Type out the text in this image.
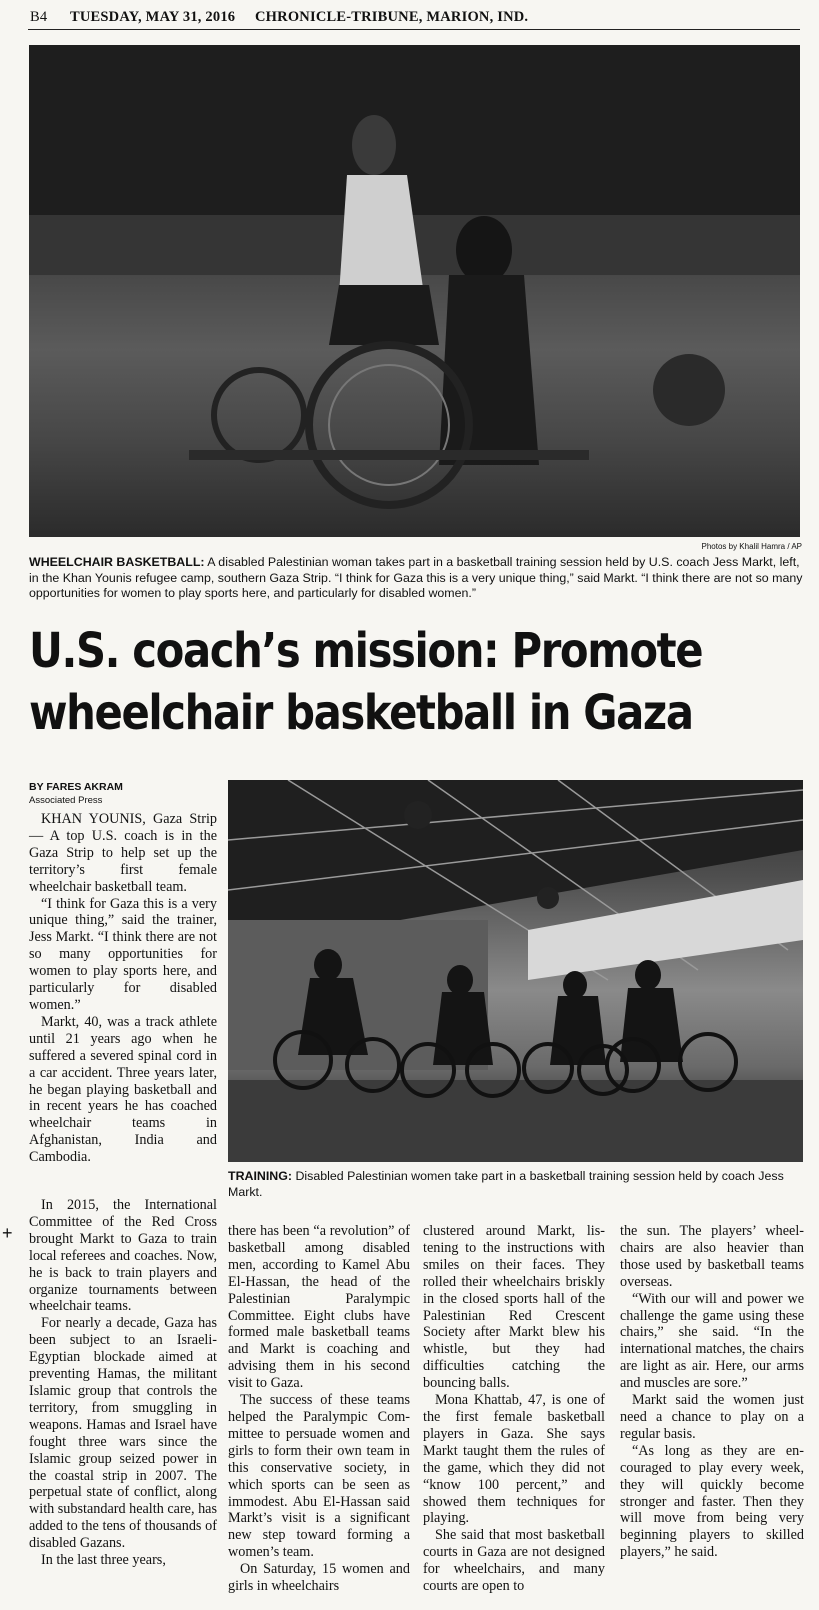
B4 TUESDAY, MAY 31, 2016 CHRONICLE-TRIBUNE, MARION, IND.
Photos by Khalil Hamra / AP
WHEELCHAIR BASKETBALL: A disabled Palestinian woman takes part in a basketball training session held by U.S. coach Jess Markt, left, in the Khan Younis refugee camp, southern Gaza Strip. “I think for Gaza this is a very unique thing,” said Markt. “I think there are not so many opportunities for women to play sports here, and particularly for disabled women.”
U.S. coach’s mission: Promote
wheelchair basketball in Gaza
BY FARES AKRAM
Associated Press
TRAINING: Disabled Palestinian women take part in a basketball training session held by coach Jess Markt.

KHAN YOUNIS, Gaza Strip — A top U.S. coach is in the Gaza Strip to help set up the territory’s first female wheelchair basketball team.

“I think for Gaza this is a very unique thing,” said the trainer, Jess Markt. “I think there are not so many opportunities for women to play sports here, and particularly for disabled women.”

Markt, 40, was a track athlete until 21 years ago when he suffered a severed spinal cord in a car accident. Three years later, he began playing basketball and in recent years he has coached wheelchair teams in Afghanistan, India and Cambodia.

In 2015, the International Committee of the Red Cross brought Markt to Gaza to train local referees and coaches. Now, he is back to train players and organize tournaments between wheelchair teams.

For nearly a decade, Gaza has been subject to an Israeli-Egyptian blockade aimed at preventing Hamas, the militant Islamic group that controls the territory, from smuggling in weapons. Hamas and Israel have fought three wars since the Islamic group seized power in the coastal strip in 2007. The perpetual state of conflict, along with substandard health care, has added to the tens of thousands of disabled Gazans.

In the last three years,

there has been “a revolution” of basketball among disabled men, according to Kamel Abu El-Hassan, the head of the Palestinian Paralympic Committee. Eight clubs have formed male basketball teams and Markt is coaching and advising them in his second visit to Gaza.

The success of these teams helped the Paralympic Committee to persuade women and girls to form their own team in this conservative society, in which sports can be seen as immodest. Abu El-Hassan said Markt’s visit is a significant new step toward forming a women’s team.

On Saturday, 15 women and girls in wheelchairs

clustered around Markt, listening to the instructions with smiles on their faces. They rolled their wheelchairs briskly in the closed sports hall of the Palestinian Red Crescent Society after Markt blew his whistle, but they had difficulties catching the bouncing balls.

Mona Khattab, 47, is one of the first female basketball players in Gaza. She says Markt taught them the rules of the game, which they did not “know 100 percent,” and showed them techniques for playing.

She said that most basketball courts in Gaza are not designed for wheelchairs, and many courts are open to

the sun. The players’ wheelchairs are also heavier than those used by basketball teams overseas.

“With our will and power we challenge the game using these chairs,” she said. “In the international matches, the chairs are light as air. Here, our arms and muscles are sore.”

Markt said the women just need a chance to play on a regular basis.

“As long as they are encouraged to play every week, they will quickly become stronger and faster. Then they will move from being very beginning players to skilled players,” he said.

+
